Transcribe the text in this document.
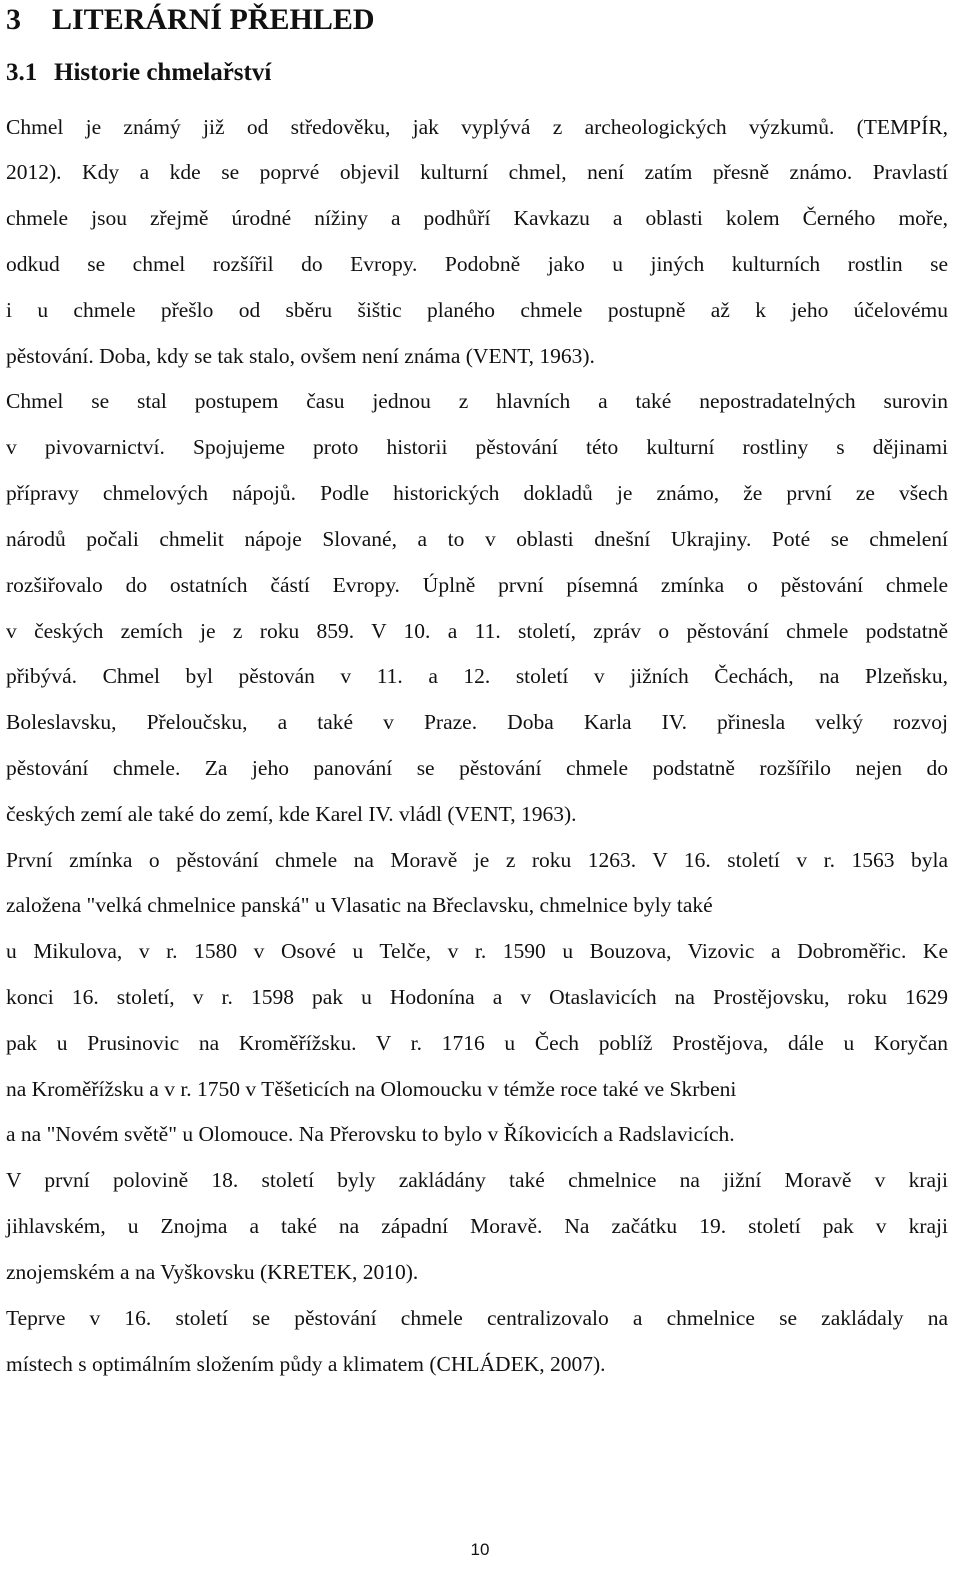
3 LITERÁRNÍ PŘEHLED
3.1 Historie chmelařství
Chmel je známý již od středověku, jak vyplývá z archeologických výzkumů. (TEMPÍR,
2012). Kdy a kde se poprvé objevil kulturní chmel, není zatím přesně známo. Pravlastí
chmele jsou zřejmě úrodné nížiny a podhůří Kavkazu a oblasti kolem Černého moře,
odkud se chmel rozšířil do Evropy. Podobně jako u jiných kulturních rostlin se
i u chmele přešlo od sběru šištic planého chmele postupně až k jeho účelovému
pěstování. Doba, kdy se tak stalo, ovšem není známa (VENT, 1963).
Chmel se stal postupem času jednou z hlavních a také nepostradatelných surovin
v pivovarnictví. Spojujeme proto historii pěstování této kulturní rostliny s dějinami
přípravy chmelových nápojů. Podle historických dokladů je známo, že první ze všech
národů počali chmelit nápoje Slované, a to v oblasti dnešní Ukrajiny. Poté se chmelení
rozšiřovalo do ostatních částí Evropy. Úplně první písemná zmínka o pěstování chmele
v českých zemích je z roku 859. V 10. a 11. století, zpráv o pěstování chmele podstatně
přibývá. Chmel byl pěstován v 11. a 12. století v jižních Čechách, na Plzeňsku,
Boleslavsku, Přeloučsku, a také v Praze. Doba Karla IV. přinesla velký rozvoj
pěstování chmele. Za jeho panování se pěstování chmele podstatně rozšířilo nejen do
českých zemí ale také do zemí, kde Karel IV. vládl (VENT, 1963).
První zmínka o pěstování chmele na Moravě je z roku 1263. V 16. století v r. 1563 byla
založena "velká chmelnice panská" u Vlasatic na Břeclavsku, chmelnice byly také
u Mikulova, v r. 1580 v Osové u Telče, v r. 1590 u Bouzova, Vizovic a Dobroměřic. Ke
konci 16. století, v r. 1598 pak u Hodonína a v Otaslavicích na Prostějovsku, roku 1629
pak u Prusinovic na Kroměřížsku. V r. 1716 u Čech poblíž Prostějova, dále u Koryčan
na Kroměřížsku a v r. 1750 v Těšeticích na Olomoucku v témže roce také ve Skrbeni
a na "Novém světě" u Olomouce. Na Přerovsku to bylo v Říkovicích a Radslavicích.
V první polovině 18. století byly zakládány také chmelnice na jižní Moravě v kraji
jihlavském, u Znojma a také na západní Moravě. Na začátku 19. století pak v kraji
znojemském a na Vyškovsku (KRETEK, 2010).
Teprve v 16. století se pěstování chmele centralizovalo a chmelnice se zakládaly na
místech s optimálním složením půdy a klimatem (CHLÁDEK, 2007).
10
